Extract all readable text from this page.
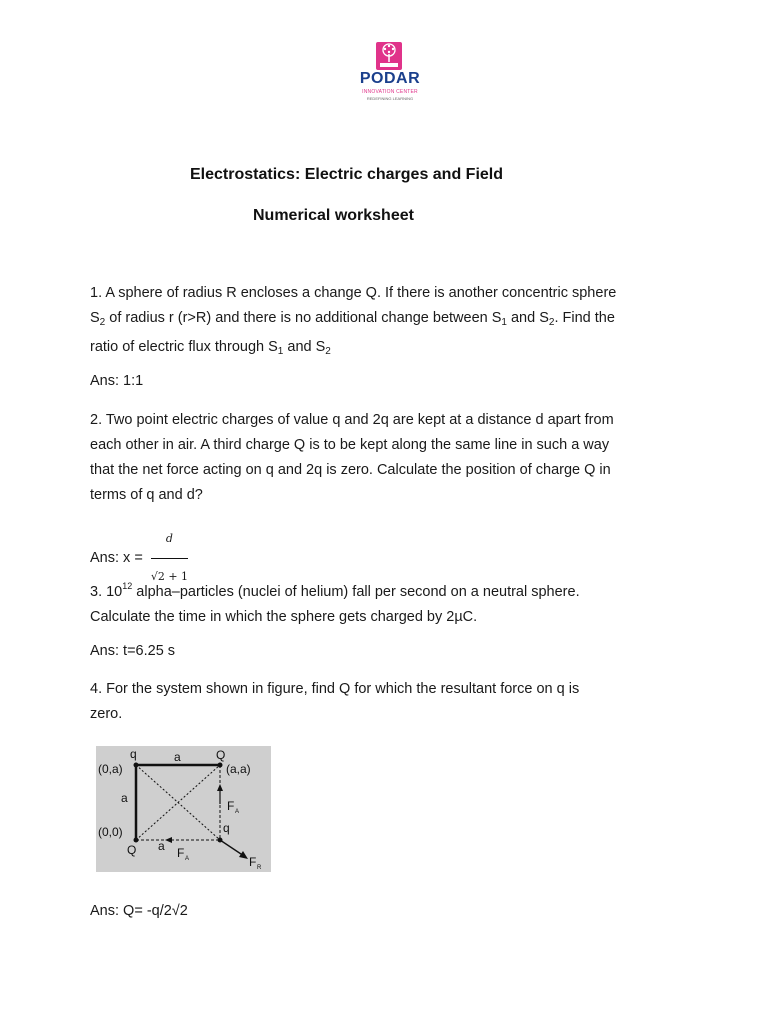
PODAR
INNOVATION CENTER
REDEFINING LEARNING
Electrostatics: Electric charges and Field
Numerical worksheet
1. A sphere of radius R encloses a change Q. If there is another concentric sphere
$S_2$ of radius r (r>R) and there is no additional change between $S_1$ and $S_2$. Find the
ratio of electric flux through $S_1$ and $S_2$
Ans: 1:1
2. Two point electric charges of value q and 2q are kept at a distance d apart from
each other in air. A third charge Q is to be kept along the same line in such a way
that the net force acting on q and 2q is zero. Calculate the position of charge Q in
terms of q and d?
Ans: $x = \frac{d}{√2 + 1}$
3. $10^{12}$ alpha–particles (nuclei of helium) fall per second on a neutral sphere.
Calculate the time in which the sphere gets charged by 2µC.
Ans: t=6.25 s
4. For the system shown in figure, find Q for which the resultant force on q is
zero.
(0,a)	(a,a)
(0,0)
q	Q
Q
q
a
a
a
F A
F A	F R
Ans: Q= -q/2√2
